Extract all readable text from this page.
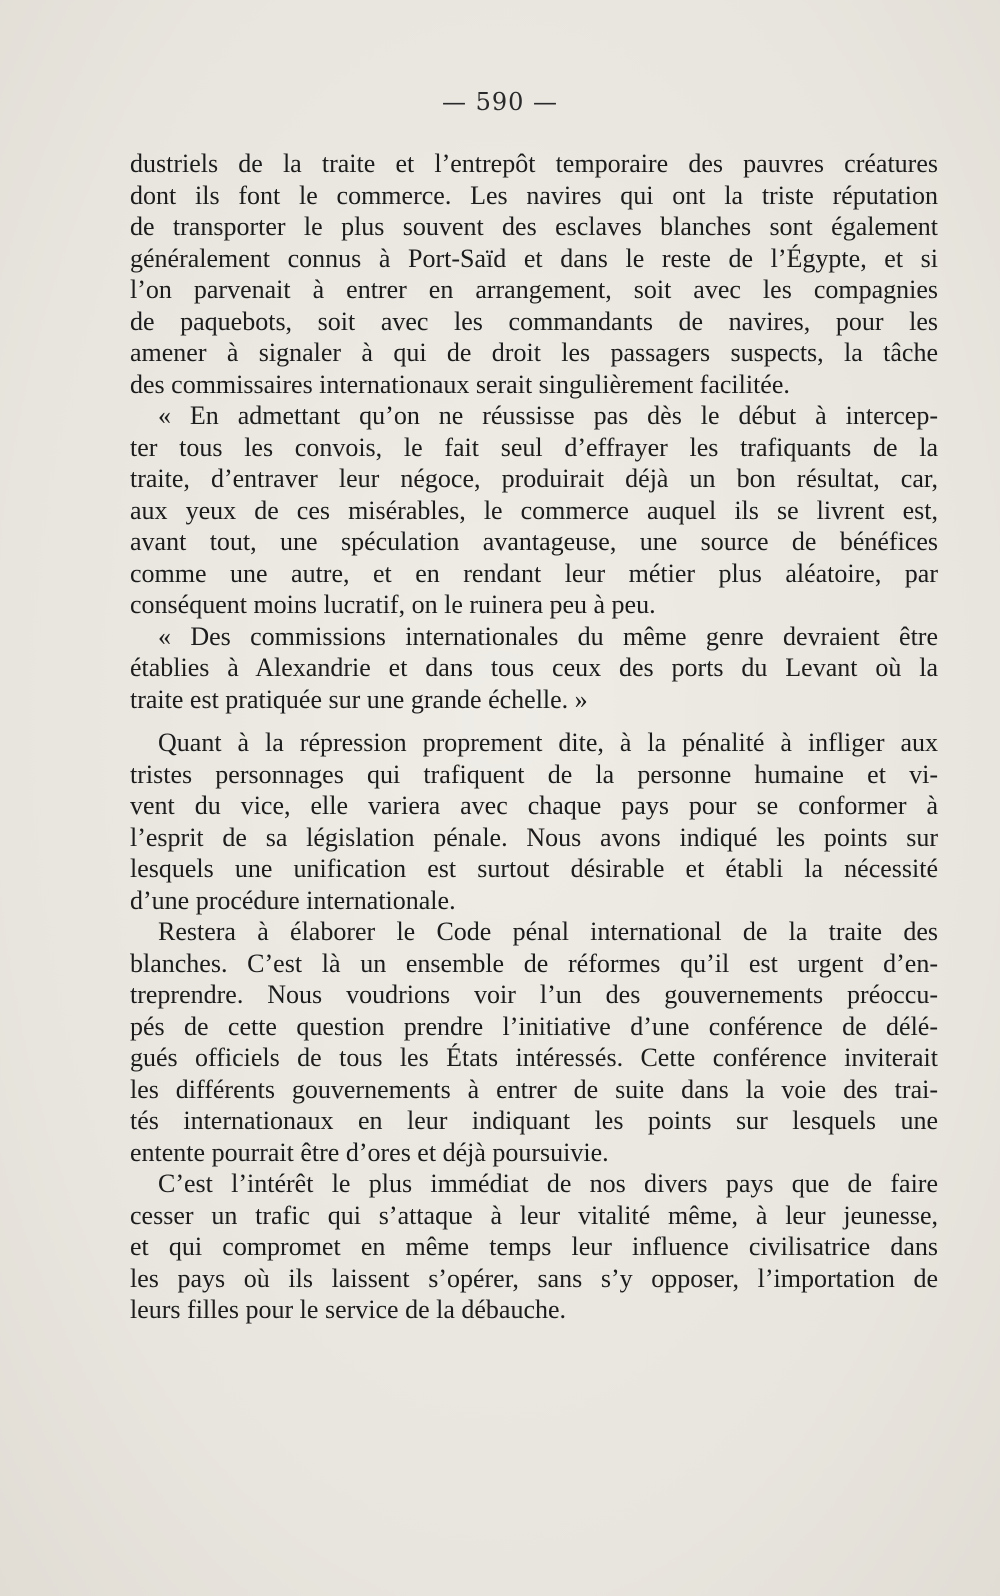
— 590 —
dustriels de la traite et l’entrepôt temporaire des pauvres créatures
dont ils font le commerce. Les navires qui ont la triste réputation
de transporter le plus souvent des esclaves blanches sont également
généralement connus à Port-Saïd et dans le reste de l’Égypte, et si
l’on parvenait à entrer en arrangement, soit avec les compagnies
de paquebots, soit avec les commandants de navires, pour les
amener à signaler à qui de droit les passagers suspects, la tâche
des commissaires internationaux serait singulièrement facilitée.
« En admettant qu’on ne réussisse pas dès le début à intercep-
ter tous les convois, le fait seul d’effrayer les trafiquants de la
traite, d’entraver leur négoce, produirait déjà un bon résultat, car,
aux yeux de ces misérables, le commerce auquel ils se livrent est,
avant tout, une spéculation avantageuse, une source de bénéfices
comme une autre, et en rendant leur métier plus aléatoire, par
conséquent moins lucratif, on le ruinera peu à peu.
« Des commissions internationales du même genre devraient être
établies à Alexandrie et dans tous ceux des ports du Levant où la
traite est pratiquée sur une grande échelle. »
Quant à la répression proprement dite, à la pénalité à infliger aux
tristes personnages qui trafiquent de la personne humaine et vi-
vent du vice, elle variera avec chaque pays pour se conformer à
l’esprit de sa législation pénale. Nous avons indiqué les points sur
lesquels une unification est surtout désirable et établi la nécessité
d’une procédure internationale.
Restera à élaborer le Code pénal international de la traite des
blanches. C’est là un ensemble de réformes qu’il est urgent d’en-
treprendre. Nous voudrions voir l’un des gouvernements préoccu-
pés de cette question prendre l’initiative d’une conférence de délé-
gués officiels de tous les États intéressés. Cette conférence inviterait
les différents gouvernements à entrer de suite dans la voie des trai-
tés internationaux en leur indiquant les points sur lesquels une
entente pourrait être d’ores et déjà poursuivie.
C’est l’intérêt le plus immédiat de nos divers pays que de faire
cesser un trafic qui s’attaque à leur vitalité même, à leur jeunesse,
et qui compromet en même temps leur influence civilisatrice dans
les pays où ils laissent s’opérer, sans s’y opposer, l’importation de
leurs filles pour le service de la débauche.
